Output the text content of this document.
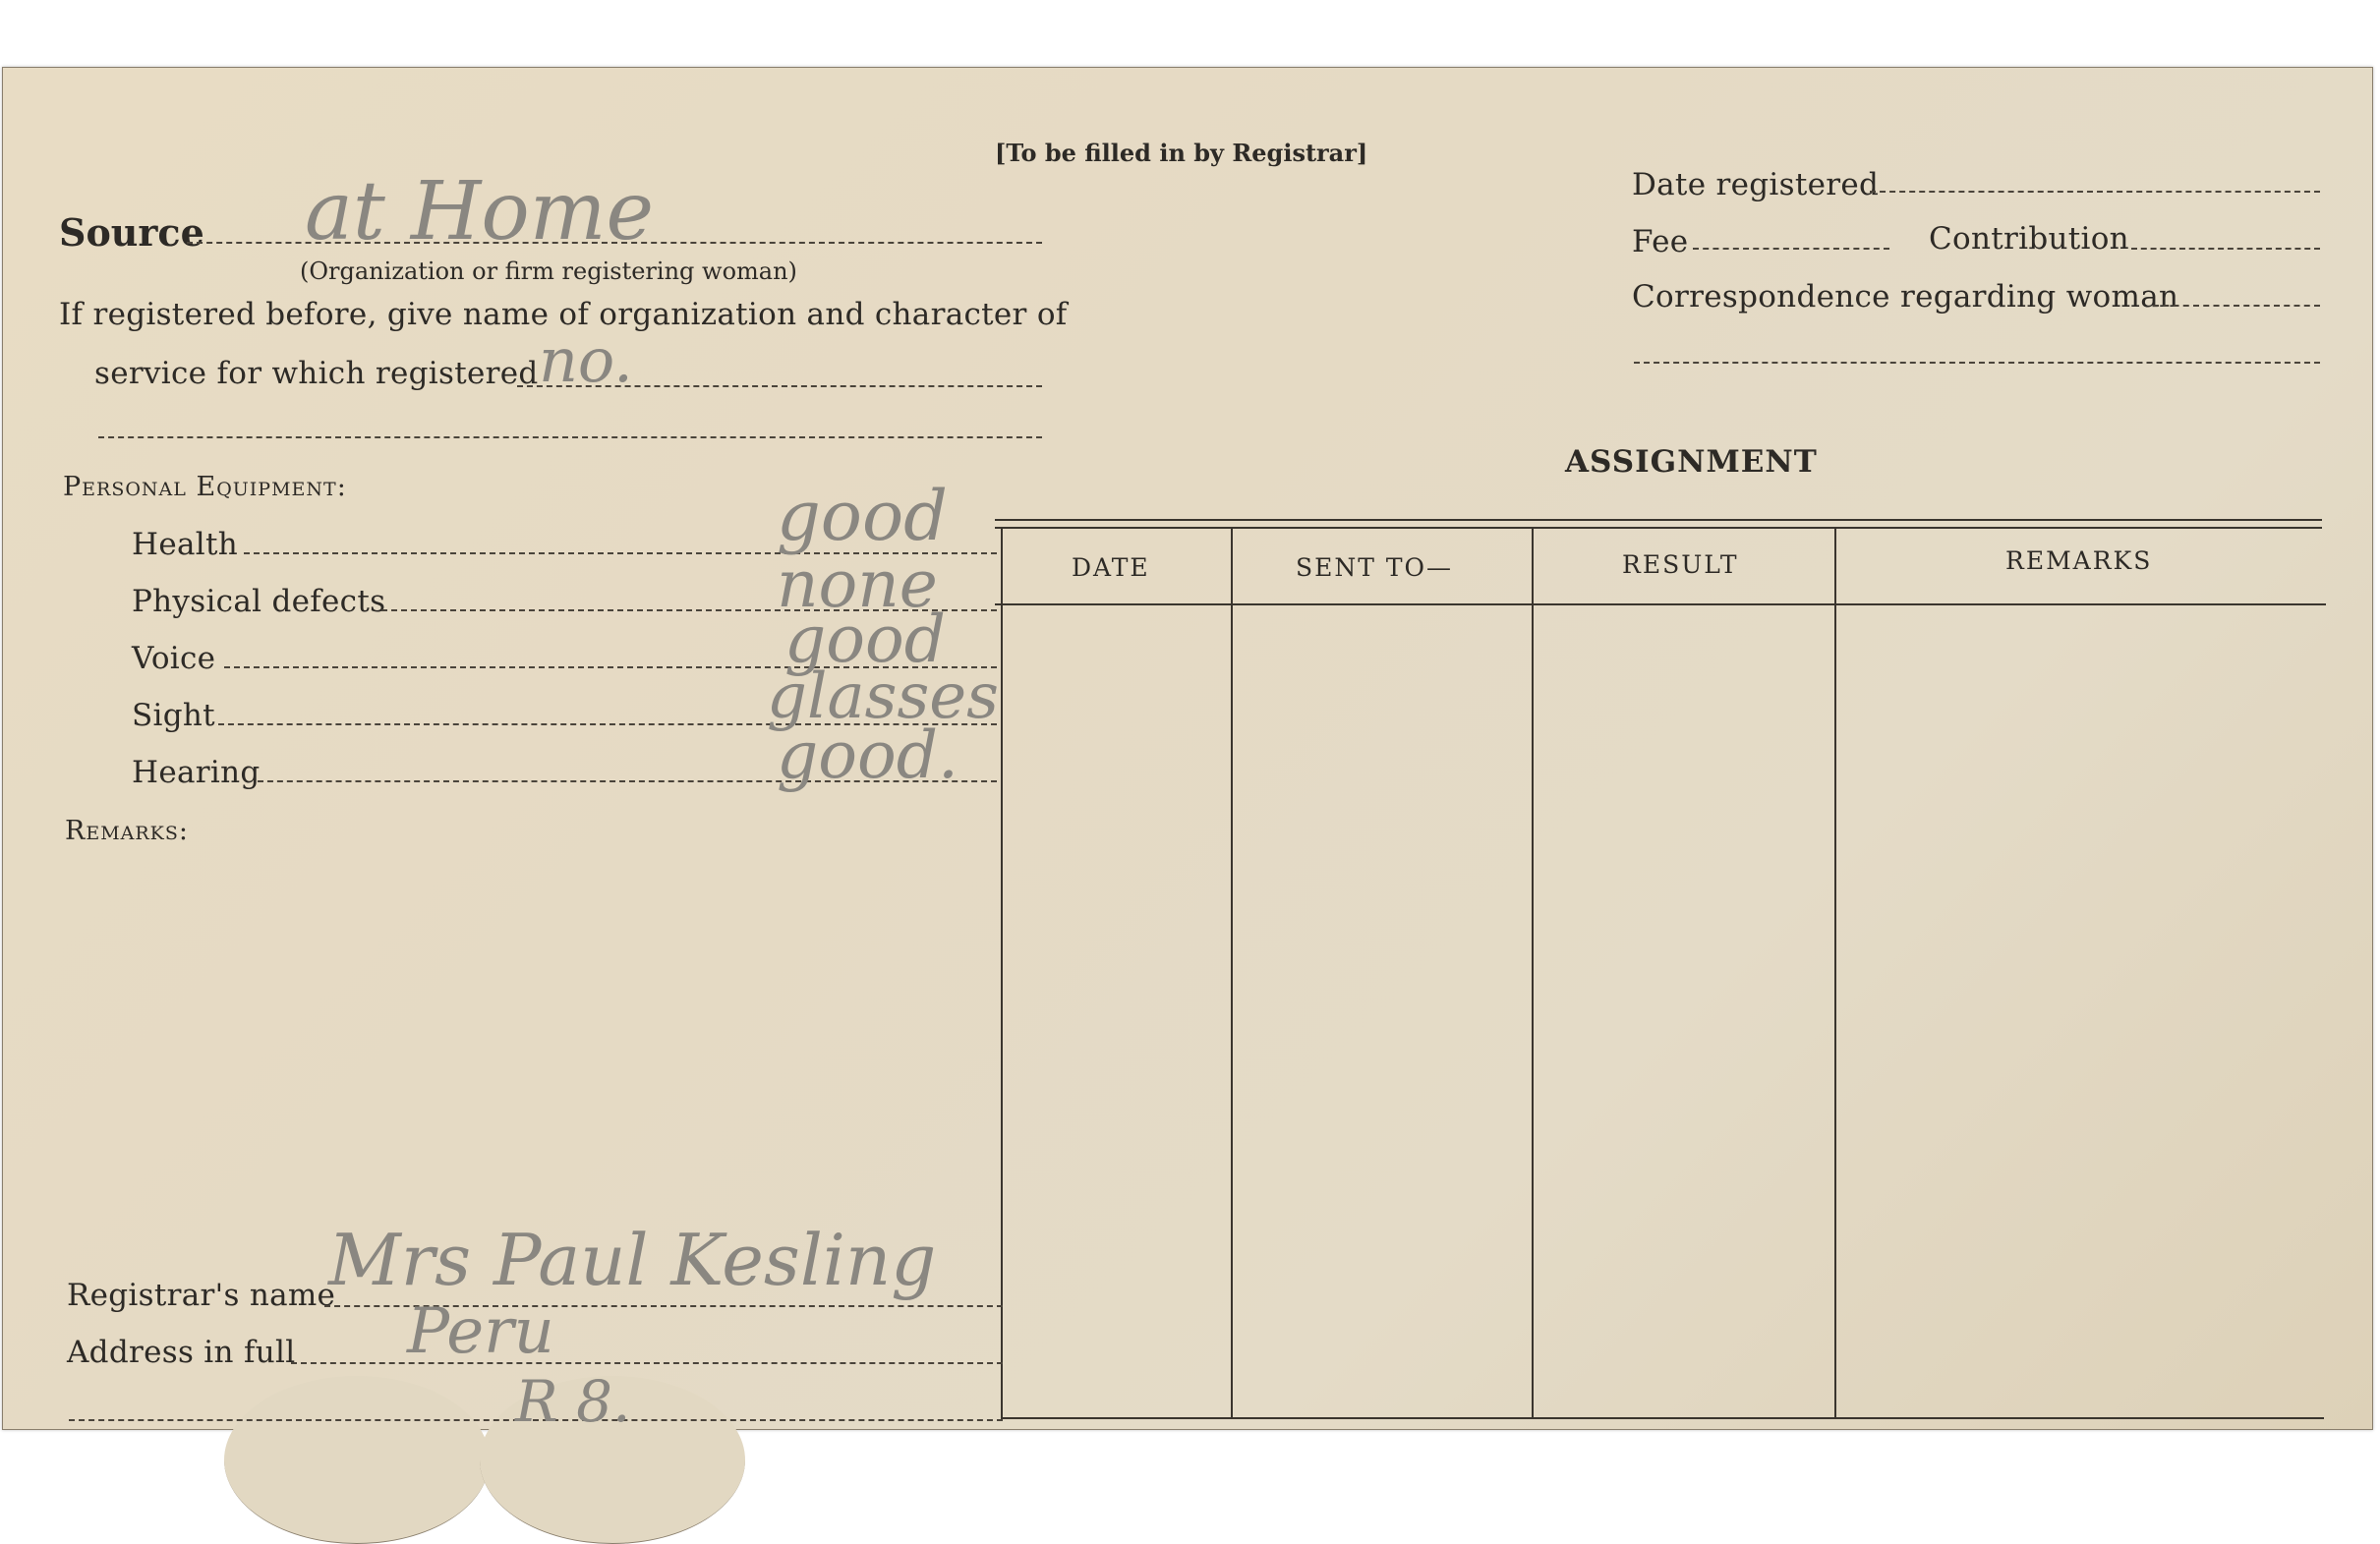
[To be filled in by Registrar]
Source at Home
(Organization or firm registering woman)
If registered before, give name of organization and character of
service for which registered no.
Date registered
Fee	Contribution
Correspondence regarding woman
Personal Equipment:
Health	good
Physical defects	none
Voice	good
Sight	glasses
Hearing	good.
Remarks:
ASSIGNMENT
DATE	SENT TO—	RESULT	REMARKS
Registrar's name
Mrs Paul Kesling
Address in full Peru
R 8.
